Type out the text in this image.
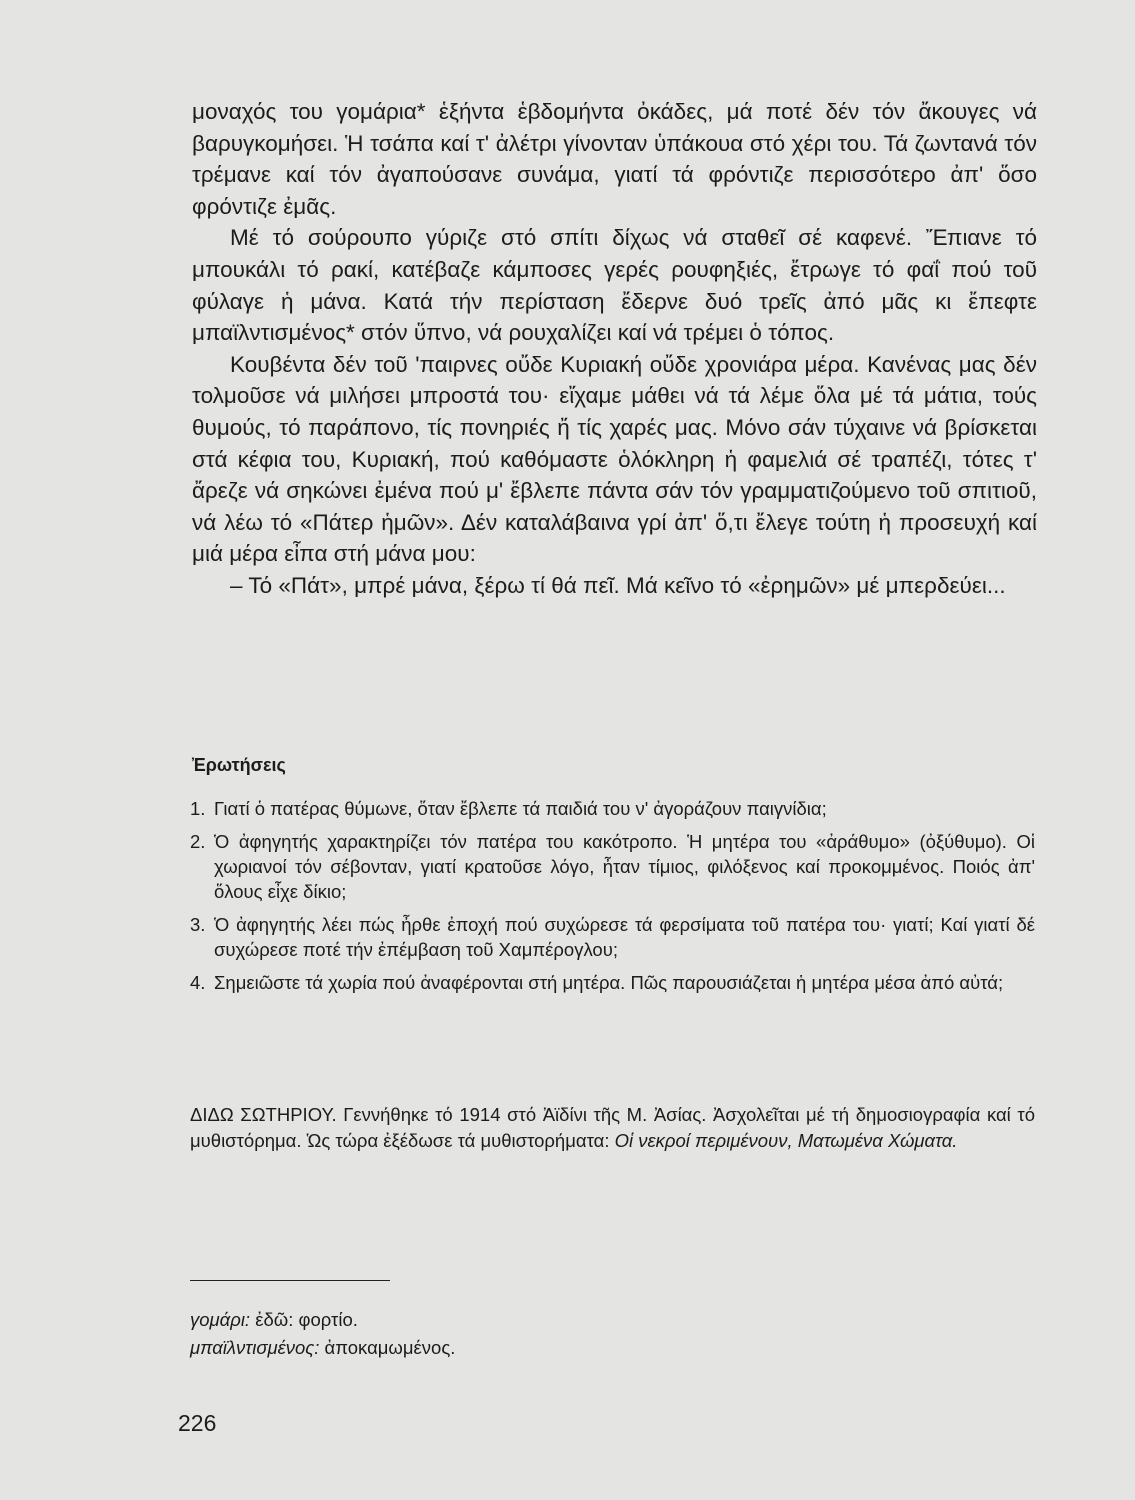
μοναχός του γομάρια* ἑξήντα ἑβδομήντα ὀκάδες, μά ποτέ δέν τόν ἄκουγες νά βαρυγκομήσει. Ἡ τσάπα καί τ' ἀλέτρι γίνονταν ὑπάκουα στό χέρι του. Τά ζωντανά τόν τρέμανε καί τόν ἀγαπούσανε συνάμα, γιατί τά φρόντιζε περισσότερο ἀπ' ὅσο φρόντιζε ἐμᾶς.

Μέ τό σούρουπο γύριζε στό σπίτι δίχως νά σταθεῖ σέ καφενέ. Ἔπιανε τό μπουκάλι τό ρακί, κατέβαζε κάμποσες γερές ρουφηξιές, ἔτρωγε τό φαΐ πού τοῦ φύλαγε ἡ μάνα. Κατά τήν περίσταση ἔδερνε δυό τρεῖς ἀπό μᾶς κι ἔπεφτε μπαϊλντισμένος* στόν ὕπνο, νά ρουχαλίζει καί νά τρέμει ὁ τόπος.

Κουβέντα δέν τοῦ 'παιρνες οὔδε Κυριακή οὔδε χρονιάρα μέρα. Κανένας μας δέν τολμοῦσε νά μιλήσει μπροστά του· εἴχαμε μάθει νά τά λέμε ὅλα μέ τά μάτια, τούς θυμούς, τό παράπονο, τίς πονηριές ἤ τίς χαρές μας. Μόνο σάν τύχαινε νά βρίσκεται στά κέφια του, Κυριακή, πού καθόμαστε ὁλόκληρη ἡ φαμελιά σέ τραπέζι, τότες τ' ἄρεζε νά σηκώνει ἐμένα πού μ' ἔβλεπε πάντα σάν τόν γραμματιζούμενο τοῦ σπιτιοῦ, νά λέω τό «Πάτερ ἡμῶν». Δέν καταλάβαινα γρί ἀπ' ὅ,τι ἔλεγε τούτη ἡ προσευχή καί μιά μέρα εἶπα στή μάνα μου:

– Τό «Πάτ», μπρέ μάνα, ξέρω τί θά πεῖ. Μά κεῖνο τό «ἐρημῶν» μέ μπερδεύει...

Ἐρωτήσεις
1. Γιατί ὁ πατέρας θύμωνε, ὅταν ἔβλεπε τά παιδιά του ν' ἀγοράζουν παιγνίδια;
2. Ὁ ἀφηγητής χαρακτηρίζει τόν πατέρα του κακότροπο. Ἡ μητέρα του «ἀράθυμο» (ὀξύθυμο). Οἱ χωριανοί τόν σέβονταν, γιατί κρατοῦσε λόγο, ἦταν τίμιος, φιλόξενος καί προκομμένος. Ποιός ἀπ' ὅλους εἶχε δίκιο;
3. Ὁ ἀφηγητής λέει πώς ἦρθε ἐποχή πού συχώρεσε τά φερσίματα τοῦ πατέρα του· γιατί; Καί γιατί δέ συχώρεσε ποτέ τήν ἐπέμβαση τοῦ Χαμπέρογλου;
4. Σημειῶστε τά χωρία πού ἀναφέρονται στή μητέρα. Πῶς παρουσιάζεται ἡ μητέρα μέσα ἀπό αὐτά;
ΔΙΔΩ ΣΩΤΗΡΙΟΥ. Γεννήθηκε τό 1914 στό Ἀϊδίνι τῆς Μ. Ἀσίας. Ἀσχολεῖται μέ τή δημοσιογραφία καί τό μυθιστόρημα. Ὡς τώρα ἐξέδωσε τά μυθιστορήματα: Οἱ νεκροί περιμένουν, Ματωμένα Χώματα.
γομάρι: ἐδῶ: φορτίο.
μπαϊλντισμένος: ἀποκαμωμένος.
226
